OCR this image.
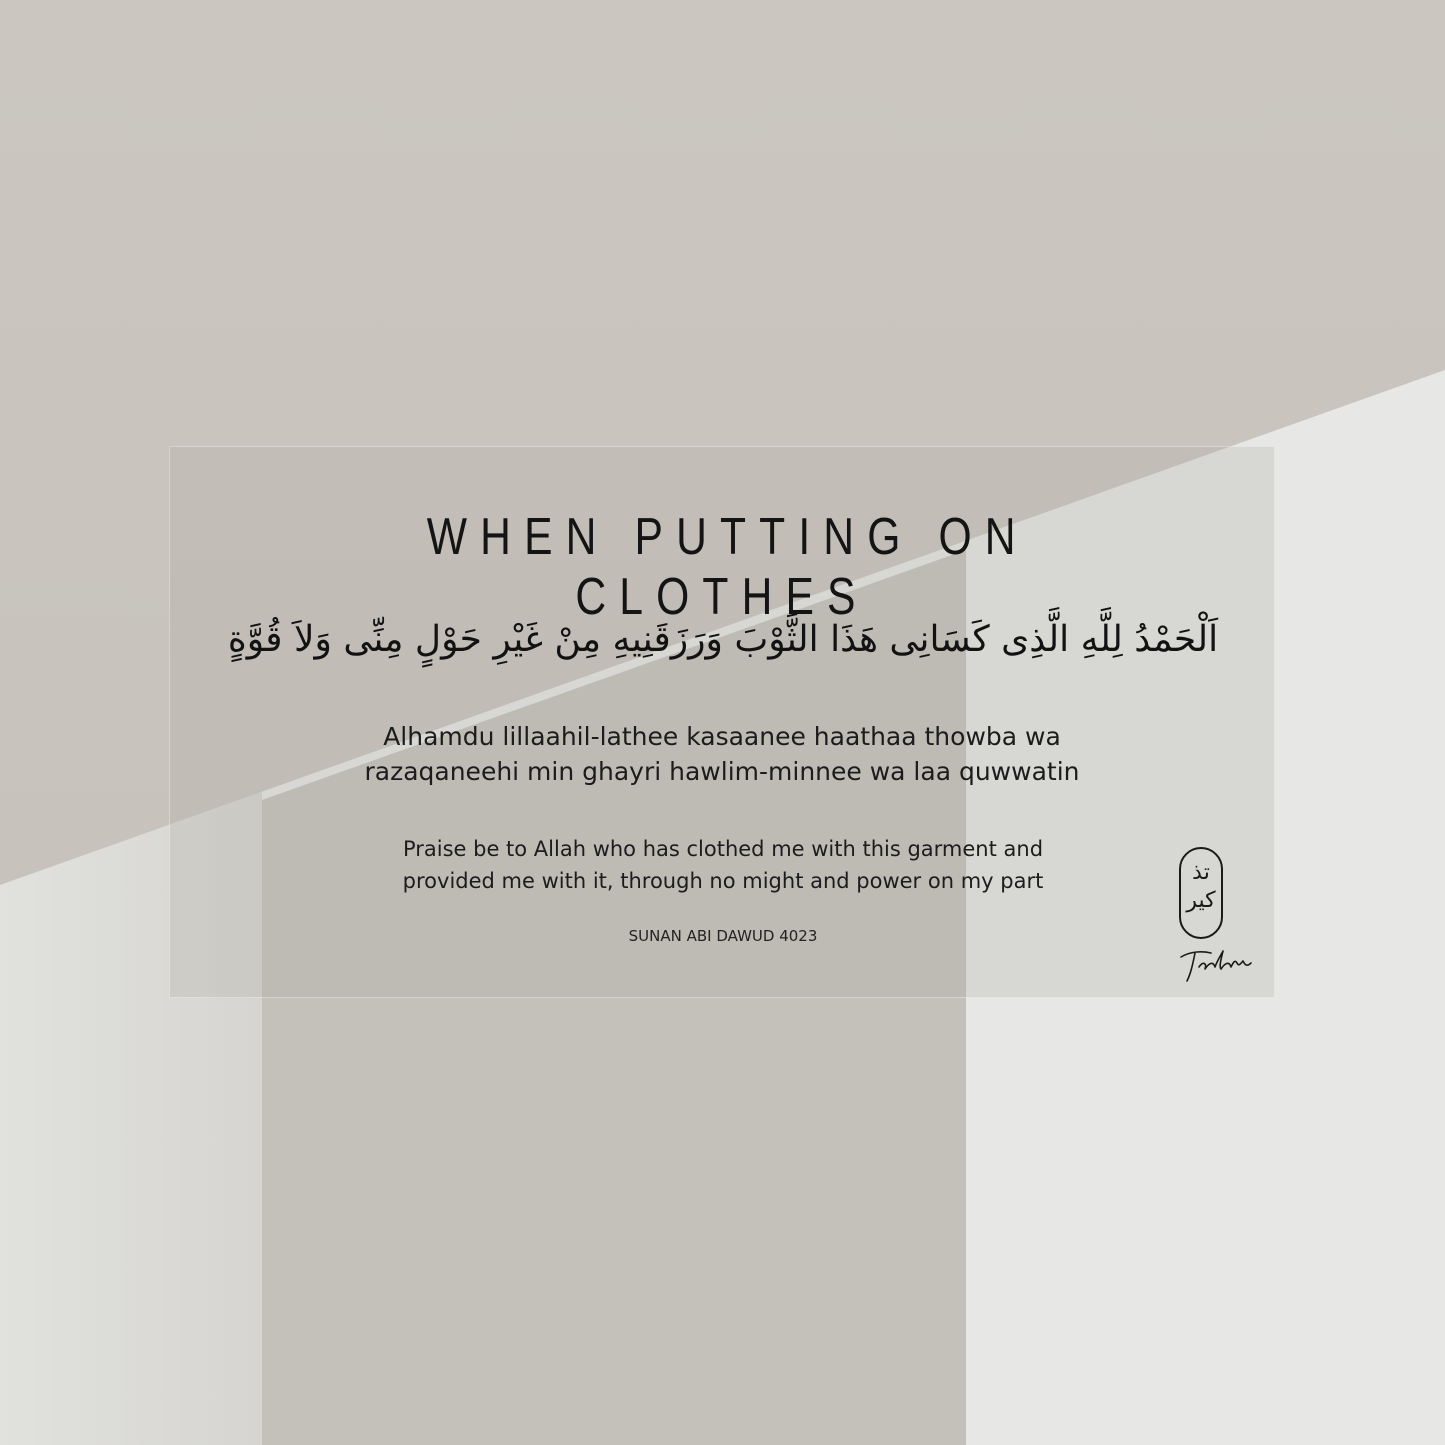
WHEN PUTTING ON CLOTHES
اَلْحَمْدُ لِلَّهِ الَّذِى كَسَانِى هَذَا الثَّوْبَ وَرَزَقَنِيهِ مِنْ غَيْرِ حَوْلٍ مِنِّى وَلاَ قُوَّةٍ
Alhamdu lillaahil-lathee kasaanee haathaa thowba wa
razaqaneehi min ghayri hawlim-minnee wa laa quwwatin
Praise be to Allah who has clothed me with this garment and
provided me with it, through no might and power on my part
SUNAN ABI DAWUD 4023
تذ
كير
